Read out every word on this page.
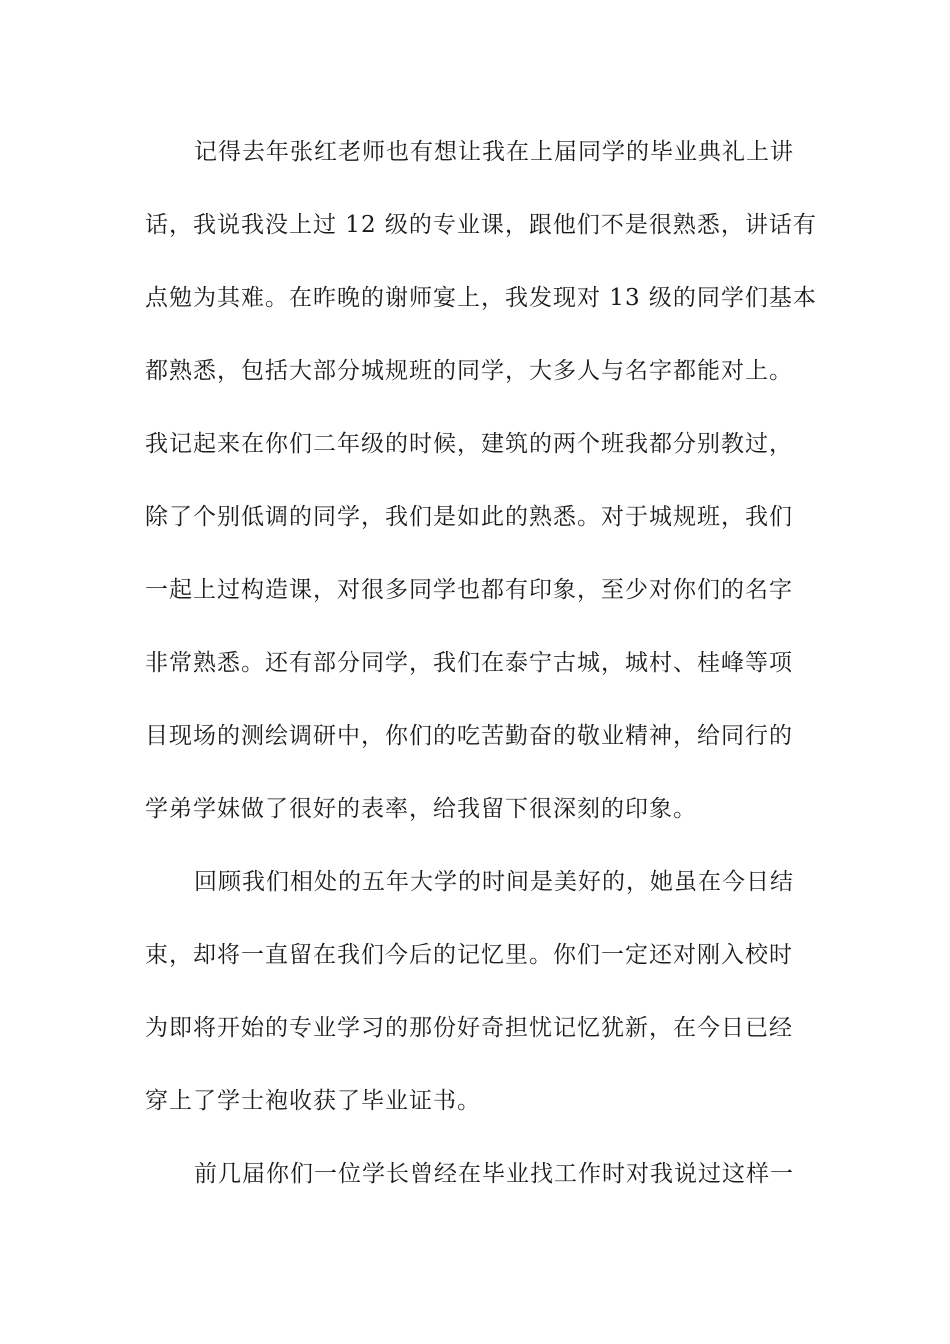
记得去年张红老师也有想让我在上届同学的毕业典礼上讲
话，我说我没上过 12 级的专业课，跟他们不是很熟悉，讲话有
点勉为其难。在昨晚的谢师宴上，我发现对 13 级的同学们基本
都熟悉，包括大部分城规班的同学，大多人与名字都能对上。
我记起来在你们二年级的时候，建筑的两个班我都分别教过，
除了个别低调的同学，我们是如此的熟悉。对于城规班，我们
一起上过构造课，对很多同学也都有印象，至少对你们的名字
非常熟悉。还有部分同学，我们在泰宁古城，城村、桂峰等项
目现场的测绘调研中，你们的吃苦勤奋的敬业精神，给同行的
学弟学妹做了很好的表率，给我留下很深刻的印象。
回顾我们相处的五年大学的时间是美好的，她虽在今日结
束，却将一直留在我们今后的记忆里。你们一定还对刚入校时
为即将开始的专业学习的那份好奇担忧记忆犹新，在今日已经
穿上了学士袍收获了毕业证书。
前几届你们一位学长曾经在毕业找工作时对我说过这样一
